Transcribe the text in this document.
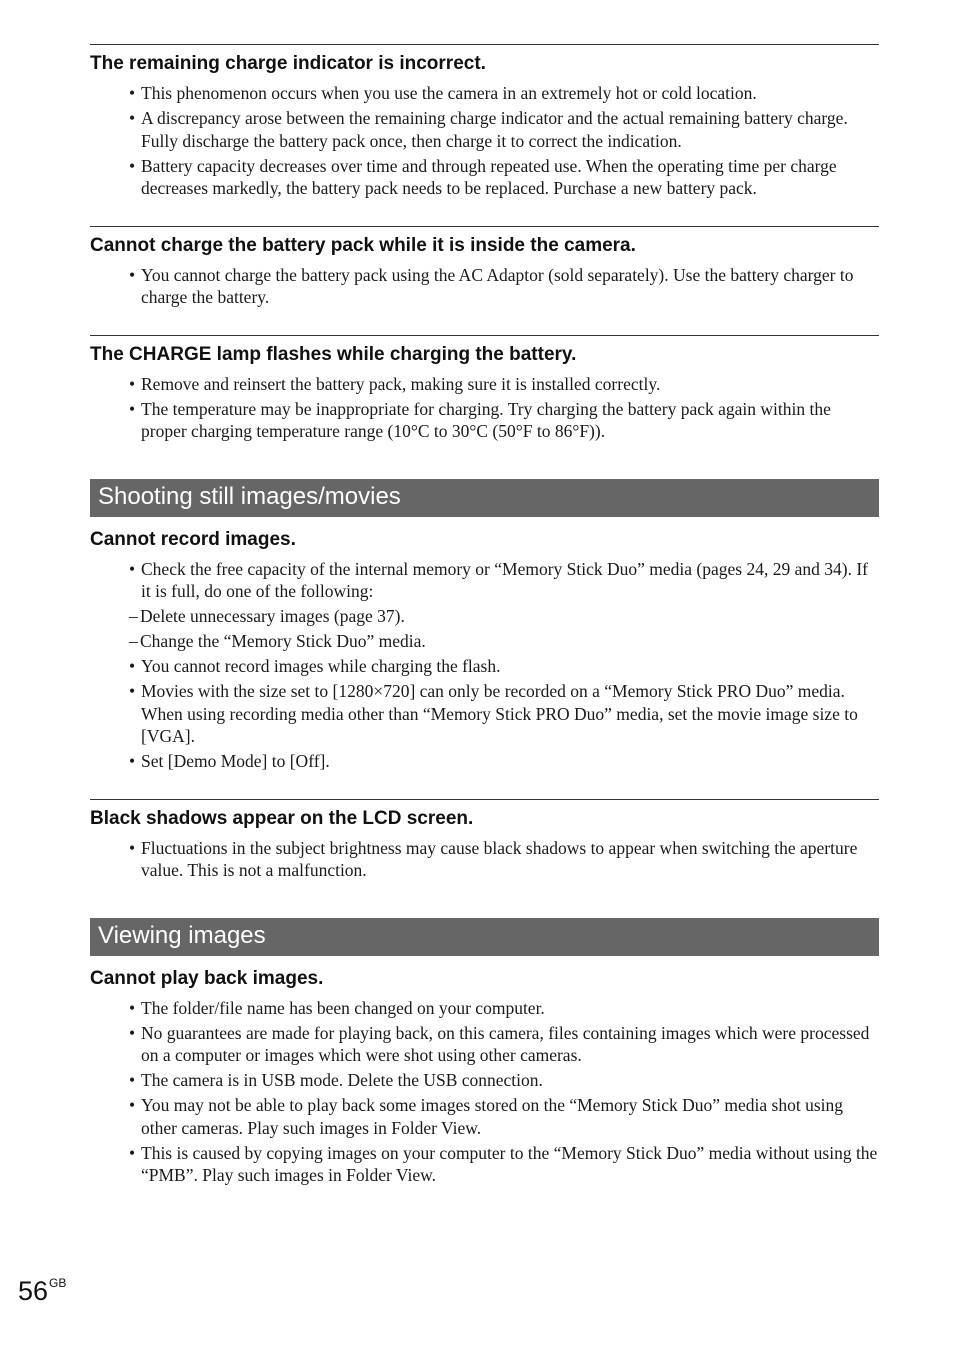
The remaining charge indicator is incorrect.
• This phenomenon occurs when you use the camera in an extremely hot or cold location.
• A discrepancy arose between the remaining charge indicator and the actual remaining battery charge. Fully discharge the battery pack once, then charge it to correct the indication.
• Battery capacity decreases over time and through repeated use. When the operating time per charge decreases markedly, the battery pack needs to be replaced. Purchase a new battery pack.
Cannot charge the battery pack while it is inside the camera.
• You cannot charge the battery pack using the AC Adaptor (sold separately). Use the battery charger to charge the battery.
The CHARGE lamp flashes while charging the battery.
• Remove and reinsert the battery pack, making sure it is installed correctly.
• The temperature may be inappropriate for charging. Try charging the battery pack again within the proper charging temperature range (10°C to 30°C (50°F to 86°F)).
Shooting still images/movies
Cannot record images.
• Check the free capacity of the internal memory or “Memory Stick Duo” media (pages 24, 29 and 34). If it is full, do one of the following:
– Delete unnecessary images (page 37).
– Change the “Memory Stick Duo” media.
• You cannot record images while charging the flash.
• Movies with the size set to [1280×720] can only be recorded on a “Memory Stick PRO Duo” media. When using recording media other than “Memory Stick PRO Duo” media, set the movie image size to [VGA].
• Set [Demo Mode] to [Off].
Black shadows appear on the LCD screen.
• Fluctuations in the subject brightness may cause black shadows to appear when switching the aperture value. This is not a malfunction.
Viewing images
Cannot play back images.
• The folder/file name has been changed on your computer.
• No guarantees are made for playing back, on this camera, files containing images which were processed on a computer or images which were shot using other cameras.
• The camera is in USB mode. Delete the USB connection.
• You may not be able to play back some images stored on the “Memory Stick Duo” media shot using other cameras. Play such images in Folder View.
• This is caused by copying images on your computer to the “Memory Stick Duo” media without using the “PMB”. Play such images in Folder View.
$56^{GB}$
